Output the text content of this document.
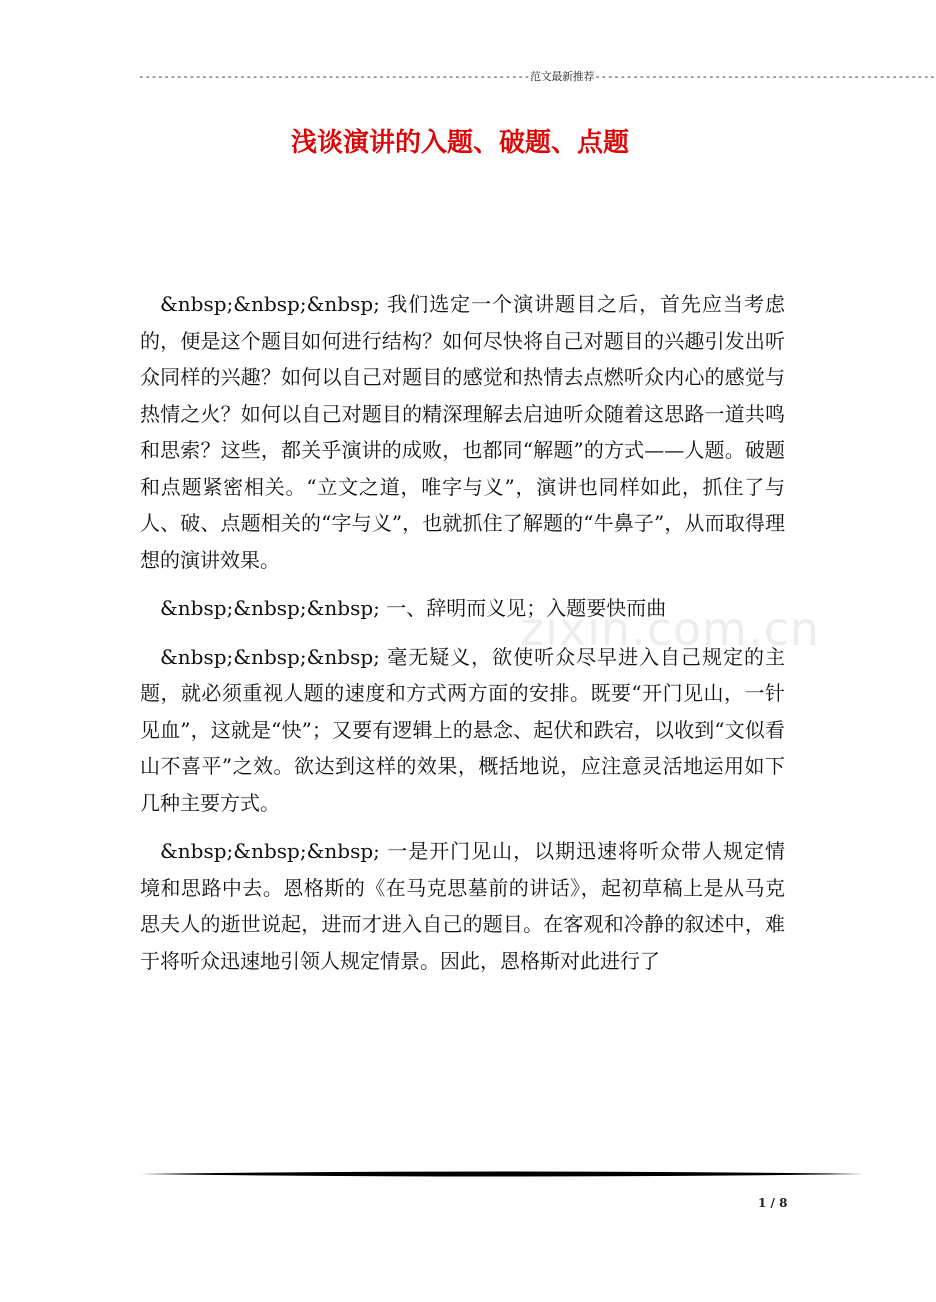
--------------------------------------------------------------范文最新推荐------------------------------------------------------
浅谈演讲的入题、破题、点题

&nbsp;&nbsp;&nbsp; 我们选定一个演讲题目之后，首先应当考虑的，便是这个题目如何进行结构？如何尽快将自己对题目的兴趣引发出听众同样的兴趣？如何以自己对题目的感觉和热情去点燃听众内心的感觉与热情之火？如何以自己对题目的精深理解去启迪听众随着这思路一道共鸣和思索？这些，都关乎演讲的成败，也都同“解题”的方式——人题。破题和点题紧密相关。“立文之道，唯字与义”，演讲也同样如此，抓住了与人、破、点题相关的“字与义”，也就抓住了解题的“牛鼻子”，从而取得理想的演讲效果。

&nbsp;&nbsp;&nbsp; 一、辞明而义见；入题要快而曲

&nbsp;&nbsp;&nbsp; 毫无疑义，欲使听众尽早进入自己规定的主题，就必须重视人题的速度和方式两方面的安排。既要“开门见山，一针见血”，这就是“快”；又要有逻辑上的悬念、起伏和跌宕，以收到“文似看山不喜平”之效。欲达到这样的效果，概括地说，应注意灵活地运用如下几种主要方式。

&nbsp;&nbsp;&nbsp; 一是开门见山，以期迅速将听众带人规定情境和思路中去。恩格斯的《在马克思墓前的讲话》，起初草稿上是从马克思夫人的逝世说起，进而才进入自己的题目。在客观和冷静的叙述中，难于将听众迅速地引领人规定情景。因此，恩格斯对此进行了

zixin.com.cn
1 / 8
